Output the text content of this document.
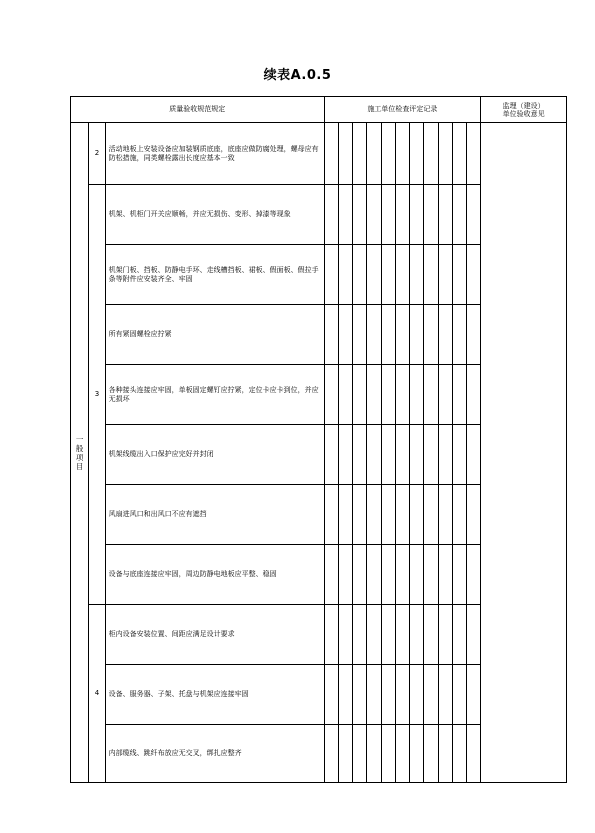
续表A.0.5
质量验收规范规定			施工单位检查评定记录											监理（建设）
单位验收意见

一般项目	2	活动地板上安装设备应加装钢质底座，底座应做防腐处理，螺母应有防松措施，同类螺栓露出长度应基本一致												
	3	机架、机柜门开关应顺畅，并应无损伤、变形、掉漆等现象												
		机架门板、挡板、防静电手环、走线槽挡板、裙板、假面板、假拉手条等附件应安装齐全、牢固												
		所有紧固螺栓应拧紧												
		各种接头连接应牢固，单板固定螺钉应拧紧，定位卡应卡到位，并应无损坏												
		机架线缆出入口保护应完好并封闭												
		风扇进风口和出风口不应有遮挡												
		设备与底座连接应牢固，周边防静电地板应平整、稳固												
	4	柜内设备安装位置、间距应满足设计要求												
		设备、服务器、子架、托盘与机架应连接牢固												
		内部缆线、跳纤布放应无交叉，绑扎应整齐												
